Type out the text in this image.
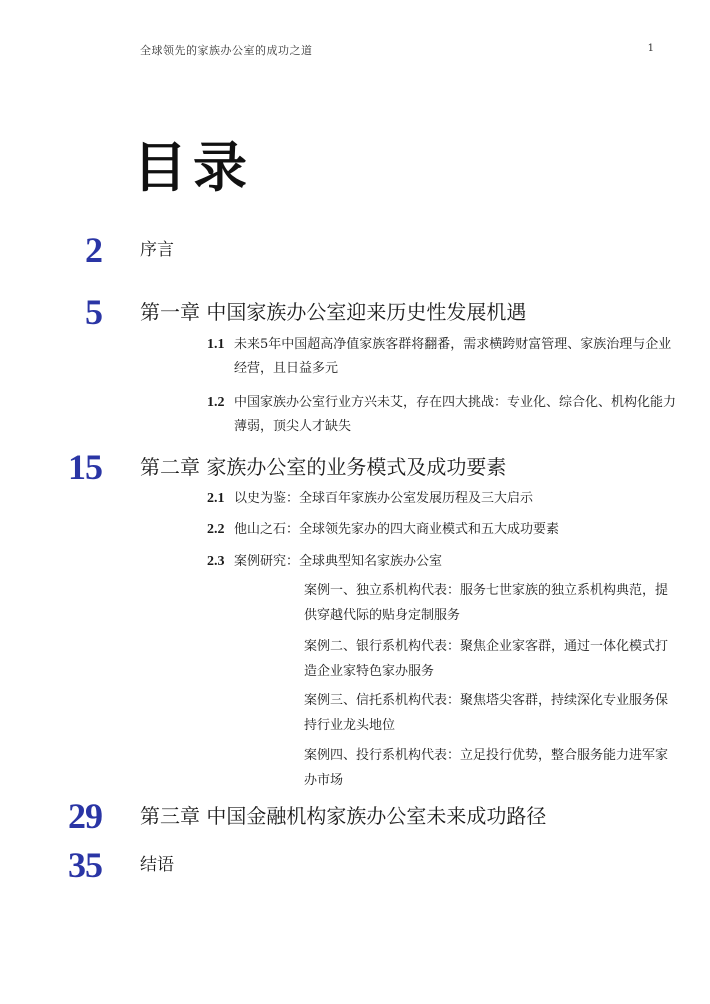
全球领先的家族办公室的成功之道	1
目录
2 序言
5 第一章 中国家族办公室迎来历史性发展机遇
1.1 未来5年中国超高净值家族客群将翻番，需求横跨财富管理、家族治理与企业经营，且日益多元
1.2 中国家族办公室行业方兴未艾，存在四大挑战：专业化、综合化、机构化能力薄弱，顶尖人才缺失
15 第二章 家族办公室的业务模式及成功要素
2.1 以史为鉴：全球百年家族办公室发展历程及三大启示
2.2 他山之石：全球领先家办的四大商业模式和五大成功要素
2.3 案例研究：全球典型知名家族办公室
案例一、独立系机构代表：服务七世家族的独立系机构典范，提供穿越代际的贴身定制服务
案例二、银行系机构代表：聚焦企业家客群，通过一体化模式打造企业家特色家办服务
案例三、信托系机构代表：聚焦塔尖客群，持续深化专业服务保持行业龙头地位
案例四、投行系机构代表：立足投行优势，整合服务能力进军家办市场
29 第三章 中国金融机构家族办公室未来成功路径
35 结语
